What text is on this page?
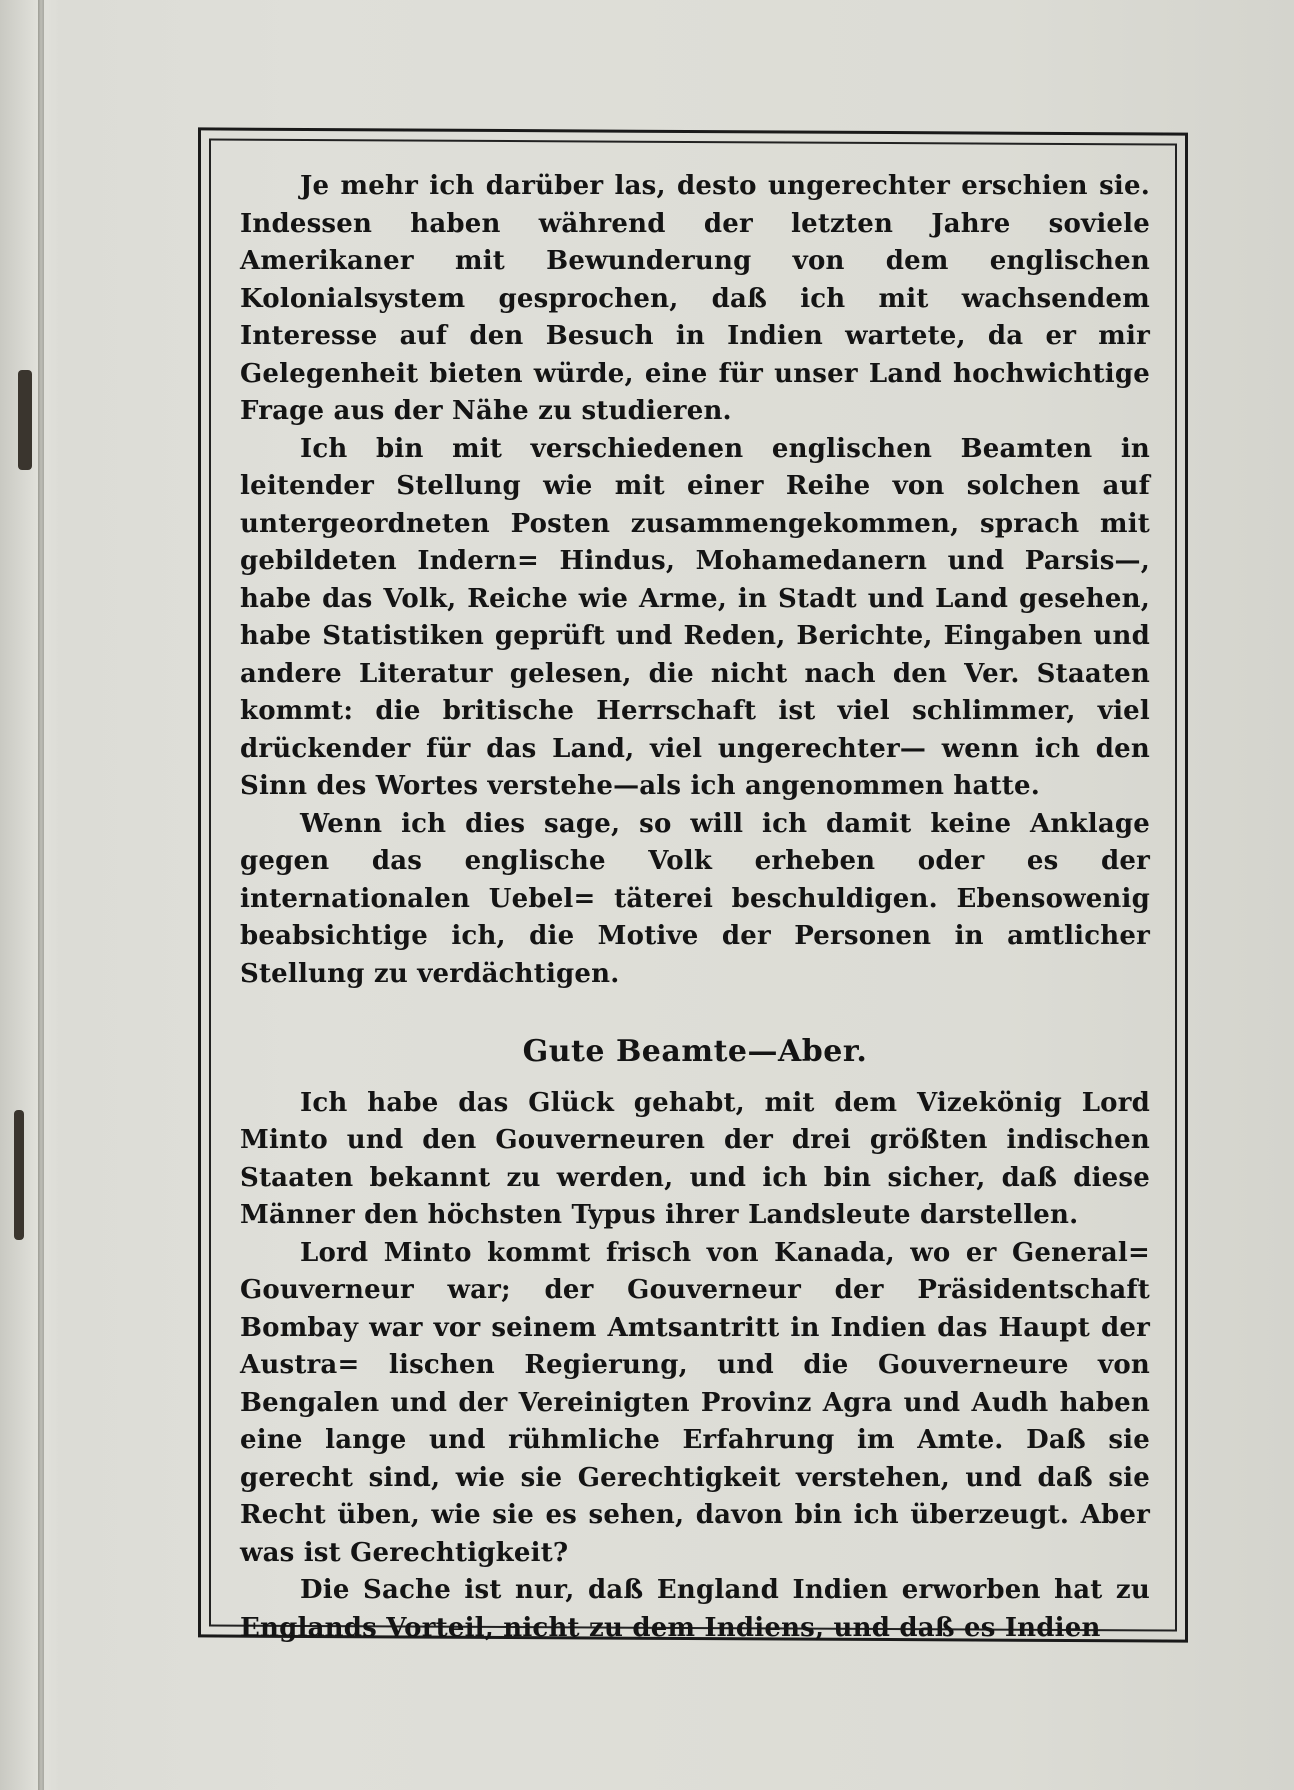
Je mehr ich darüber las, desto ungerechter erschien sie. Indessen haben während der letzten Jahre soviele Amerikaner mit Bewunderung von dem englischen Kolonialsystem gesprochen, daß ich mit wachsendem Interesse auf den Besuch in Indien wartete, da er mir Gelegenheit bieten würde, eine für unser Land hochwichtige Frage aus der Nähe zu studieren.

Ich bin mit verschiedenen englischen Beamten in leitender Stellung wie mit einer Reihe von solchen auf untergeordneten Posten zusammengekommen, sprach mit gebildeten Indern= Hindus, Mohamedanern und Parsis—, habe das Volk, Reiche wie Arme, in Stadt und Land gesehen, habe Statistiken geprüft und Reden, Berichte, Eingaben und andere Literatur gelesen, die nicht nach den Ver. Staaten kommt: die britische Herrschaft ist viel schlimmer, viel drückender für das Land, viel ungerechter— wenn ich den Sinn des Wortes verstehe—als ich angenommen hatte.

Wenn ich dies sage, so will ich damit keine Anklage gegen das englische Volk erheben oder es der internationalen Uebel= täterei beschuldigen. Ebensowenig beabsichtige ich, die Motive der Personen in amtlicher Stellung zu verdächtigen.

Gute Beamte—Aber.

Ich habe das Glück gehabt, mit dem Vizekönig Lord Minto und den Gouverneuren der drei größten indischen Staaten bekannt zu werden, und ich bin sicher, daß diese Männer den höchsten Typus ihrer Landsleute darstellen.

Lord Minto kommt frisch von Kanada, wo er General= Gouverneur war; der Gouverneur der Präsidentschaft Bombay war vor seinem Amtsantritt in Indien das Haupt der Austra= lischen Regierung, und die Gouverneure von Bengalen und der Vereinigten Provinz Agra und Audh haben eine lange und rühmliche Erfahrung im Amte. Daß sie gerecht sind, wie sie Gerechtigkeit verstehen, und daß sie Recht üben, wie sie es sehen, davon bin ich überzeugt. Aber was ist Gerechtigkeit?

Die Sache ist nur, daß England Indien erworben hat zu Englands Vorteil, nicht zu dem Indiens, und daß es Indien
